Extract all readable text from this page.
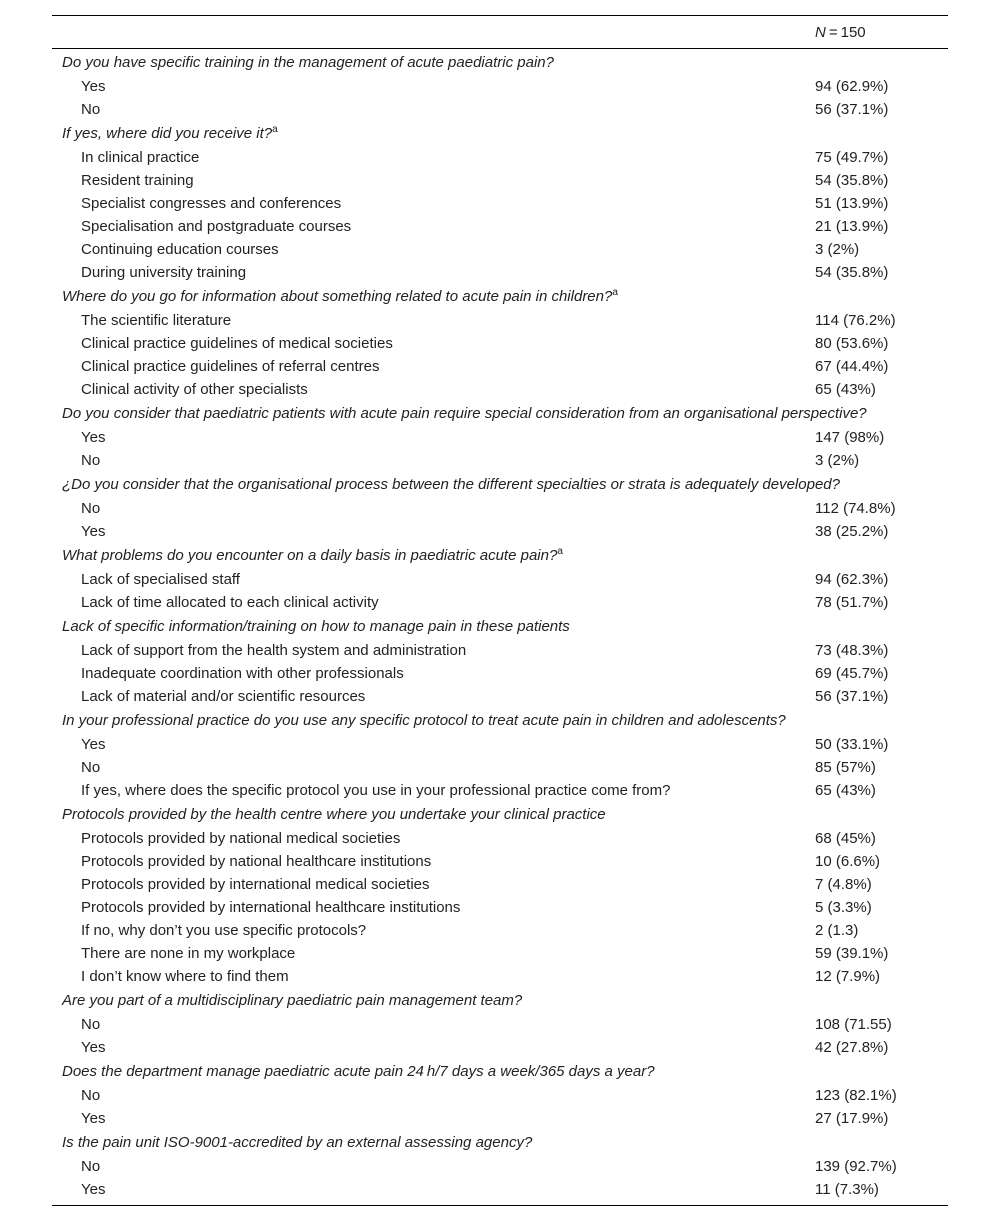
N = 150
Do you have specific training in the management of acute paediatric pain?
Yes	94 (62.9%)
No	56 (37.1%)
If yes, where did you receive it?$^a$
In clinical practice	75 (49.7%)
Resident training	54 (35.8%)
Specialist congresses and conferences	51 (13.9%)
Specialisation and postgraduate courses	21 (13.9%)
Continuing education courses	3 (2%)
During university training	54 (35.8%)
Where do you go for information about something related to acute pain in children?$^a$
The scientific literature	114 (76.2%)
Clinical practice guidelines of medical societies	80 (53.6%)
Clinical practice guidelines of referral centres	67 (44.4%)
Clinical activity of other specialists	65 (43%)
Do you consider that paediatric patients with acute pain require special consideration from an organisational perspective?
Yes	147 (98%)
No	3 (2%)
¿Do you consider that the organisational process between the different specialties or strata is adequately developed?
No	112 (74.8%)
Yes	38 (25.2%)
What problems do you encounter on a daily basis in paediatric acute pain?$^a$
Lack of specialised staff	94 (62.3%)
Lack of time allocated to each clinical activity	78 (51.7%)
Lack of specific information/training on how to manage pain in these patients
Lack of support from the health system and administration	73 (48.3%)
Inadequate coordination with other professionals	69 (45.7%)
Lack of material and/or scientific resources	56 (37.1%)
In your professional practice do you use any specific protocol to treat acute pain in children and adolescents?
Yes	50 (33.1%)
No	85 (57%)
If yes, where does the specific protocol you use in your professional practice come from?	65 (43%)
Protocols provided by the health centre where you undertake your clinical practice
Protocols provided by national medical societies	68 (45%)
Protocols provided by national healthcare institutions	10 (6.6%)
Protocols provided by international medical societies	7 (4.8%)
Protocols provided by international healthcare institutions	5 (3.3%)
If no, why don’t you use specific protocols?	2 (1.3)
There are none in my workplace	59 (39.1%)
I don’t know where to find them	12 (7.9%)
Are you part of a multidisciplinary paediatric pain management team?
No	108 (71.55)
Yes	42 (27.8%)
Does the department manage paediatric acute pain 24 h/7 days a week/365 days a year?
No	123 (82.1%)
Yes	27 (17.9%)
Is the pain unit ISO-9001-accredited by an external assessing agency?
No	139 (92.7%)
Yes	11 (7.3%)
